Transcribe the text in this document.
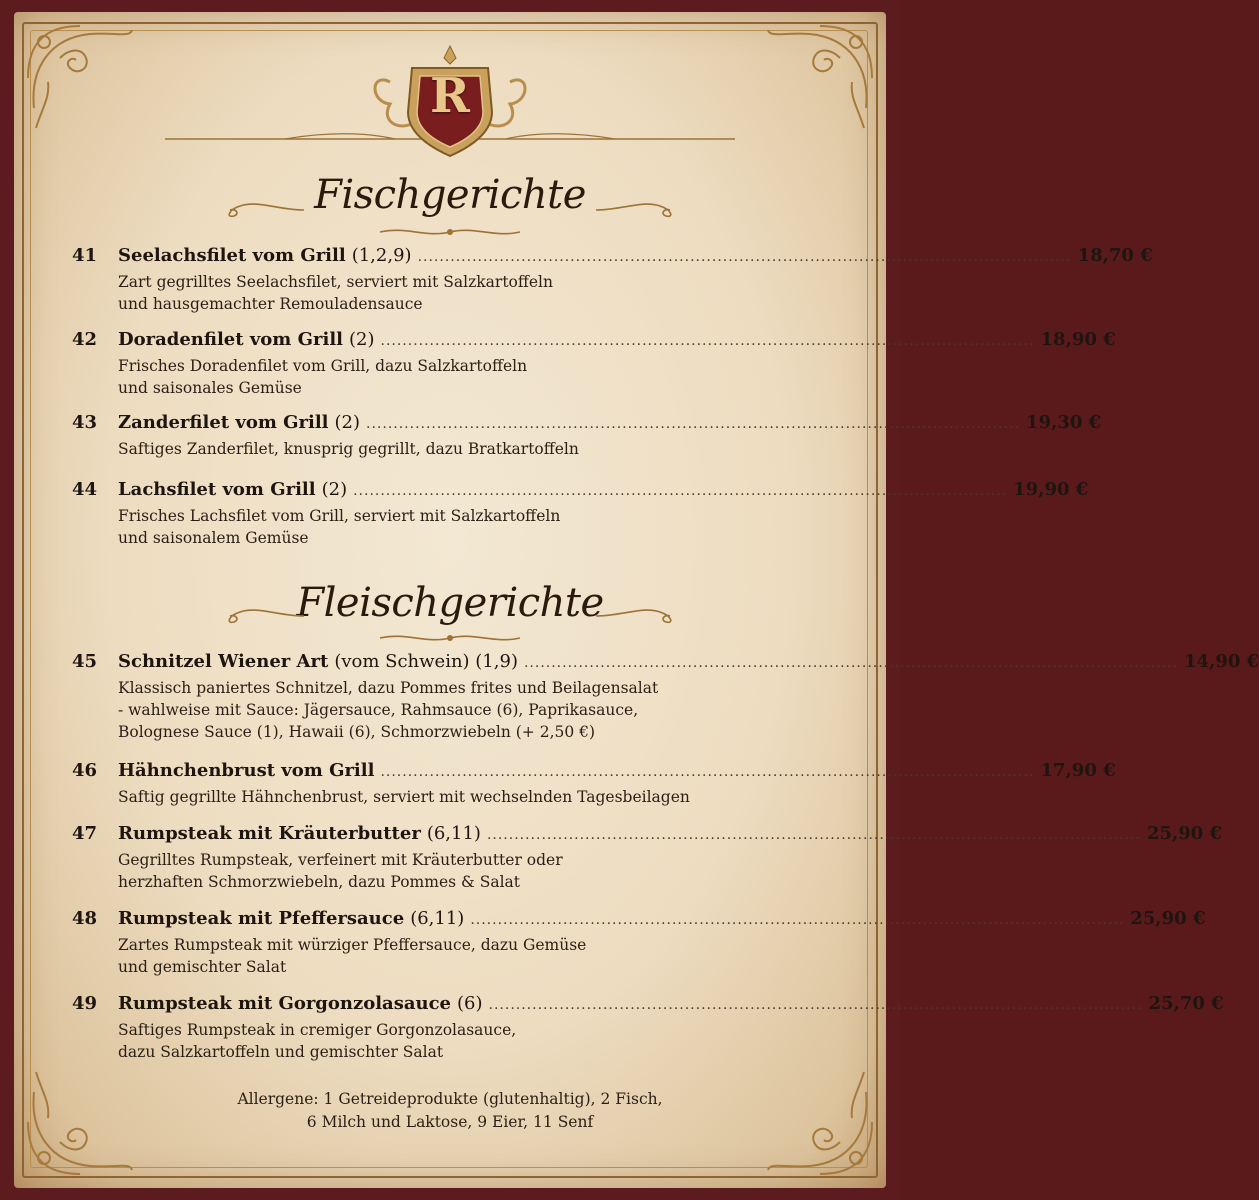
R
Fischgerichte
41	Seelachsfilet vom Grill (1,2,9) ........................................................................................................................ 18,70 €
Zart gegrilltes Seelachsfilet, serviert mit Salzkartoffeln
und hausgemachter Remouladensauce
42	Doradenfilet vom Grill (2) ........................................................................................................................ 18,90 €
Frisches Doradenfilet vom Grill, dazu Salzkartoffeln
und saisonales Gemüse
43	Zanderfilet vom Grill (2) ........................................................................................................................ 19,30 €
Saftiges Zanderfilet, knusprig gegrillt, dazu Bratkartoffeln
44	Lachsfilet vom Grill (2) ........................................................................................................................ 19,90 €
Frisches Lachsfilet vom Grill, serviert mit Salzkartoffeln
und saisonalem Gemüse
Fleischgerichte
45	Schnitzel Wiener Art (vom Schwein) (1,9) ........................................................................................................................ 14,90 €
Klassisch paniertes Schnitzel, dazu Pommes frites und Beilagensalat
- wahlweise mit Sauce: Jägersauce, Rahmsauce (6), Paprikasauce,
Bolognese Sauce (1), Hawaii (6), Schmorzwiebeln (+ 2,50 €)
46	Hähnchenbrust vom Grill ........................................................................................................................ 17,90 €
Saftig gegrillte Hähnchenbrust, serviert mit wechselnden Tagesbeilagen
47	Rumpsteak mit Kräuterbutter (6,11) ........................................................................................................................ 25,90 €
Gegrilltes Rumpsteak, verfeinert mit Kräuterbutter oder
herzhaften Schmorzwiebeln, dazu Pommes & Salat
48	Rumpsteak mit Pfeffersauce (6,11) ........................................................................................................................ 25,90 €
Zartes Rumpsteak mit würziger Pfeffersauce, dazu Gemüse
und gemischter Salat
49	Rumpsteak mit Gorgonzolasauce (6) ........................................................................................................................ 25,70 €
Saftiges Rumpsteak in cremiger Gorgonzolasauce,
dazu Salzkartoffeln und gemischter Salat
Allergene: 1 Getreideprodukte (glutenhaltig), 2 Fisch,
6 Milch und Laktose, 9 Eier, 11 Senf
